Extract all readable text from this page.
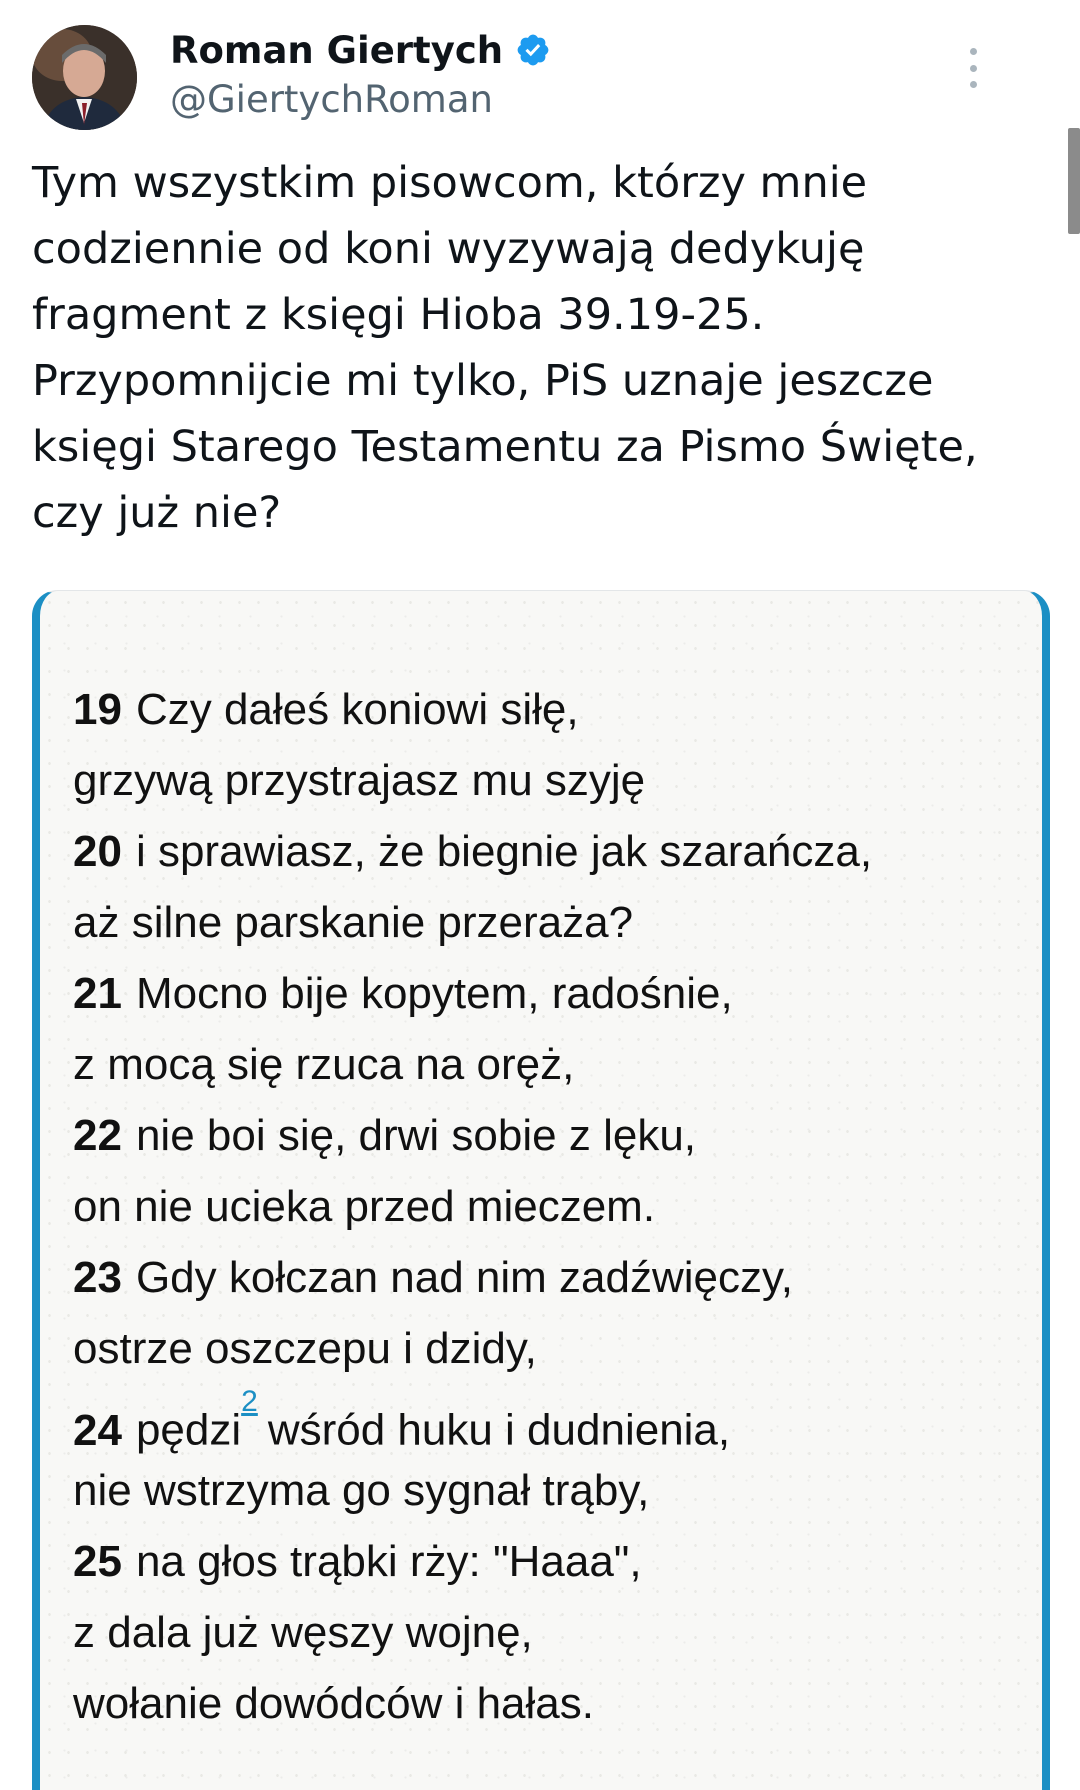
Roman Giertych
@GiertychRoman
Tym wszystkim pisowcom, którzy mnie
codziennie od koni wyzywają dedykuję
fragment z księgi Hioba 39.19-25.
Przypomnijcie mi tylko, PiS uznaje jeszcze
księgi Starego Testamentu za Pismo Święte,
czy już nie?
19 Czy dałeś koniowi siłę,
grzywą przystrajasz mu szyję
20 i sprawiasz, że biegnie jak szarańcza,
aż silne parskanie przeraża?
21 Mocno bije kopytem, radośnie,
z mocą się rzuca na oręż,
22 nie boi się, drwi sobie z lęku,
on nie ucieka przed mieczem.
23 Gdy kołczan nad nim zadźwięczy,
ostrze oszczepu i dzidy,
24 pędzi$^2$wśród huku i dudnienia,
nie wstrzyma go sygnał trąby,
25 na głos trąbki rży: "Haaa",
z dala już węszy wojnę,
wołanie dowódców i hałas.
